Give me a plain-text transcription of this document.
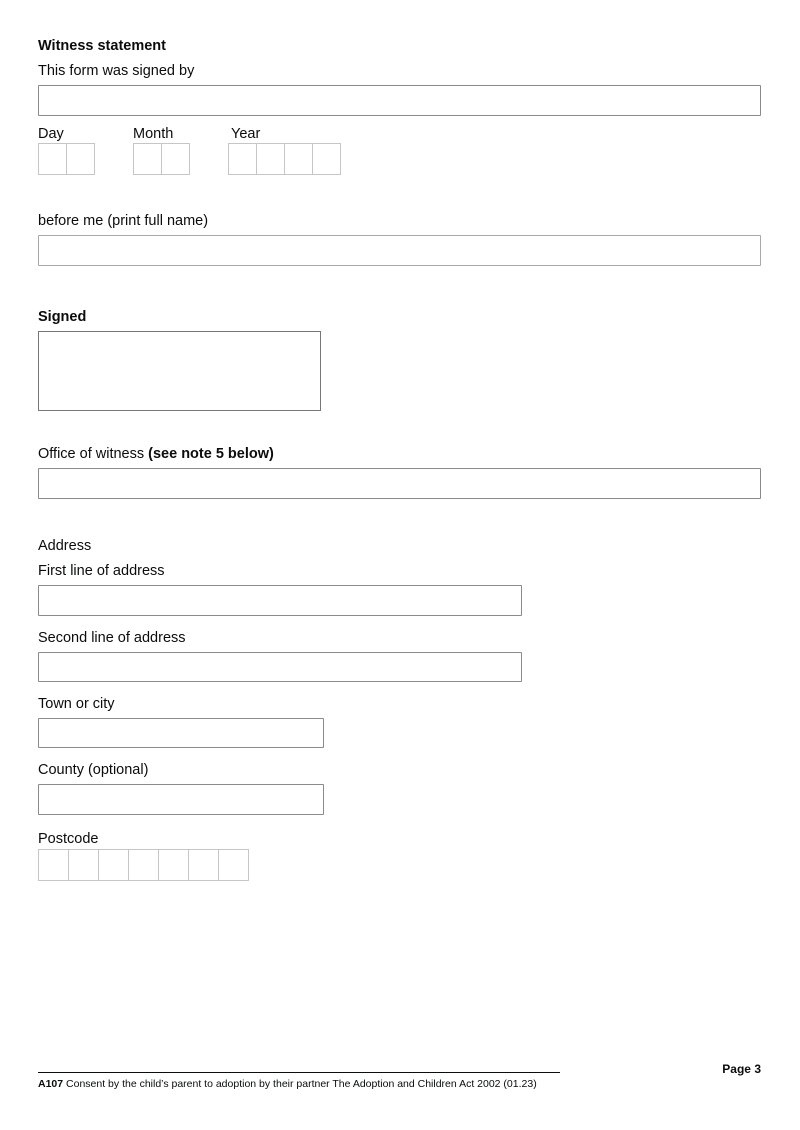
Witness statement
This form was signed by
Day	Month	Year
before me (print full name)
Signed
Office of witness (see note 5 below)
Address
First line of address
Second line of address
Town or city
County (optional)
Postcode
A107 Consent by the child’s parent to adoption by their partner The Adoption and Children Act 2002 (01.23)
Page 3
